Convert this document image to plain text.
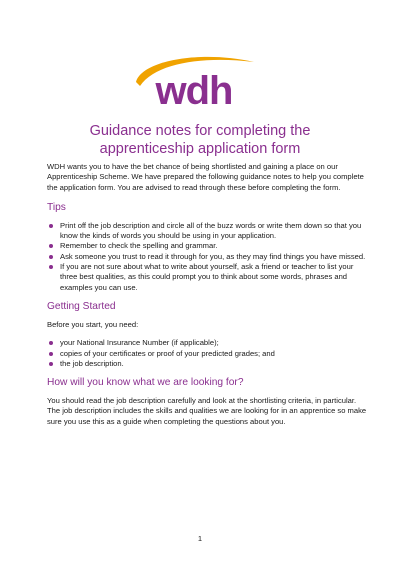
wdh
Guidance notes for completing the
apprenticeship application form

WDH wants you to have the bet chance of being shortlisted and gaining a place on our Apprenticeship Scheme. We have prepared the following guidance notes to help you complete the application form. You are advised to read through these before completing the form.

Tips
Print off the job description and circle all of the buzz words or write them down so that you know the kinds of words you should be using in your application.
Remember to check the spelling and grammar.
Ask someone you trust to read it through for you, as they may find things you have missed.
If you are not sure about what to write about yourself, ask a friend or teacher to list your three best qualities, as this could prompt you to think about some words, phrases and examples you can use.
Getting Started

Before you start, you need:

your National Insurance Number (if applicable);
copies of your certificates or proof of your predicted grades; and
the job description.
How will you know what we are looking for?

You should read the job description carefully and look at the shortlisting criteria, in particular. The job description includes the skills and qualities we are looking for in an apprentice so make sure you use this as a guide when completing the questions about you.

1
